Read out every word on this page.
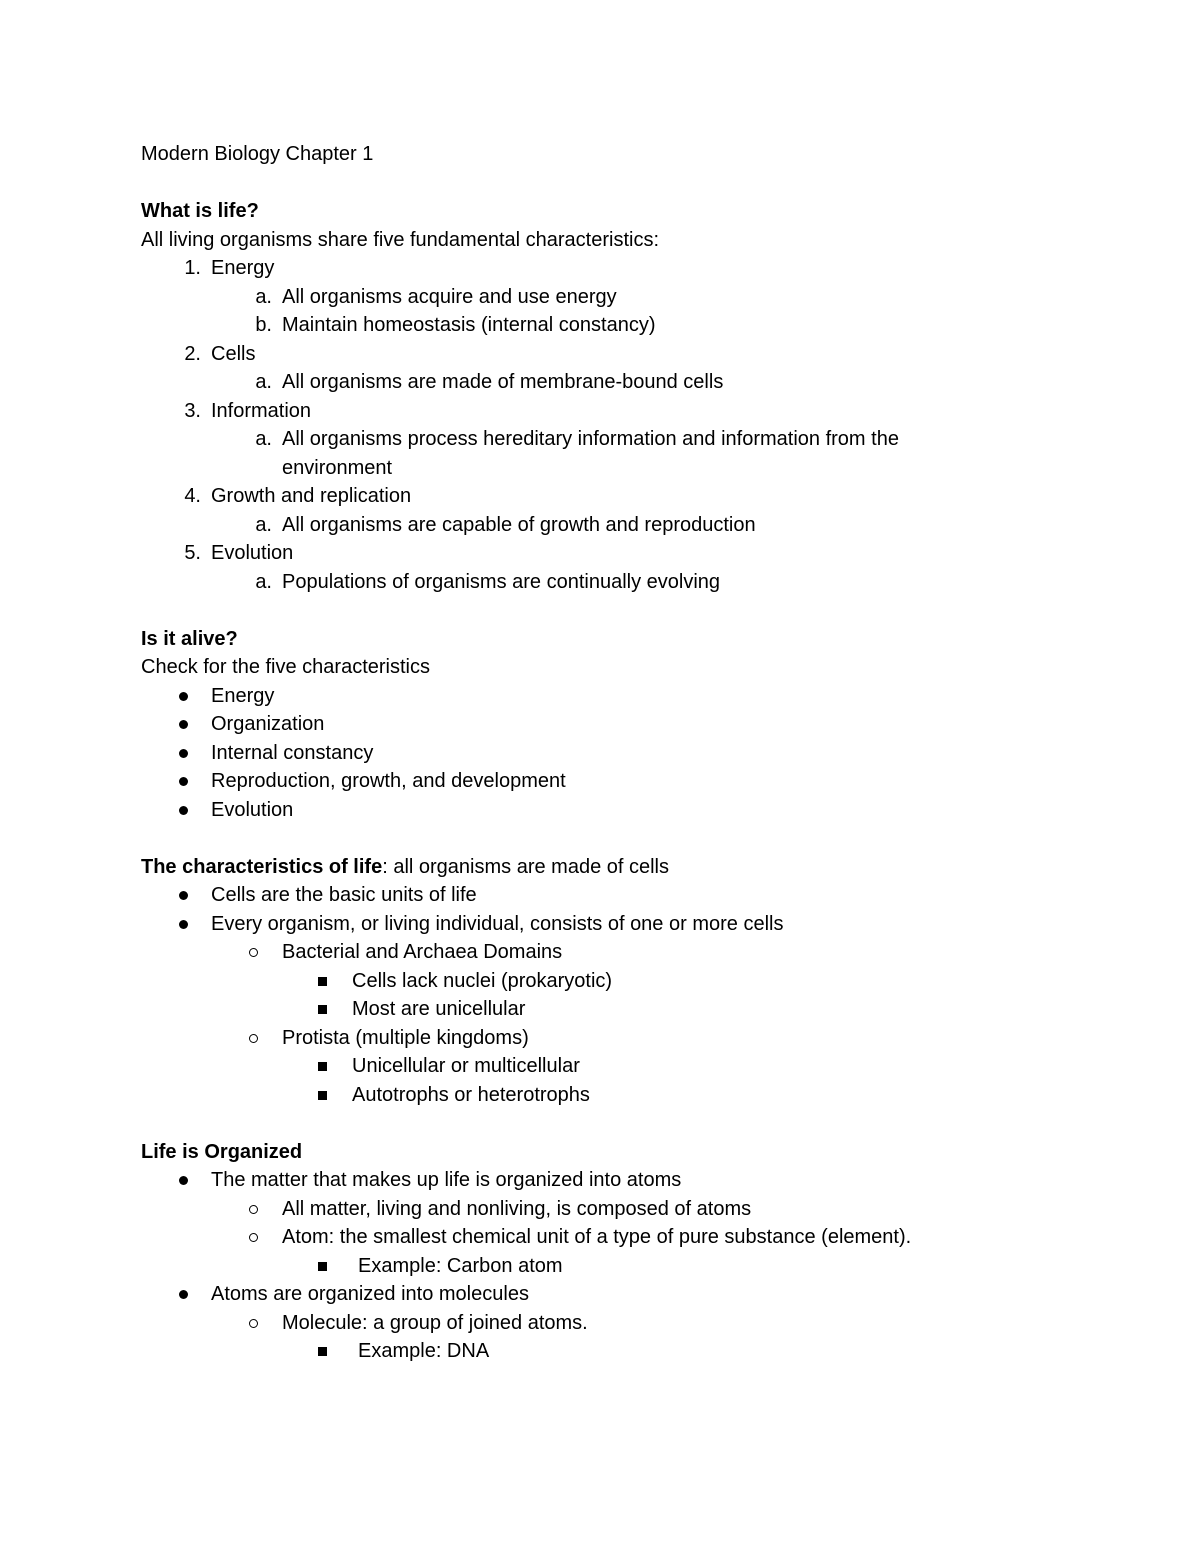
Modern Biology Chapter 1
What is life?
All living organisms share five fundamental characteristics:
1. Energy
a. All organisms acquire and use energy
b. Maintain homeostasis (internal constancy)
2. Cells
a. All organisms are made of membrane-bound cells
3. Information
a. All organisms process hereditary information and information from the
environment
4. Growth and replication
a. All organisms are capable of growth and reproduction
5. Evolution
a. Populations of organisms are continually evolving
Is it alive?
Check for the five characteristics
Energy
Organization
Internal constancy
Reproduction, growth, and development
Evolution
The characteristics of life: all organisms are made of cells
Cells are the basic units of life
Every organism, or living individual, consists of one or more cells
Bacterial and Archaea Domains
Cells lack nuclei (prokaryotic)
Most are unicellular
Protista (multiple kingdoms)
Unicellular or multicellular
Autotrophs or heterotrophs
Life is Organized
The matter that makes up life is organized into atoms
All matter, living and nonliving, is composed of atoms
Atom: the smallest chemical unit of a type of pure substance (element).
Example: Carbon atom
Atoms are organized into molecules
Molecule: a group of joined atoms.
Example: DNA
